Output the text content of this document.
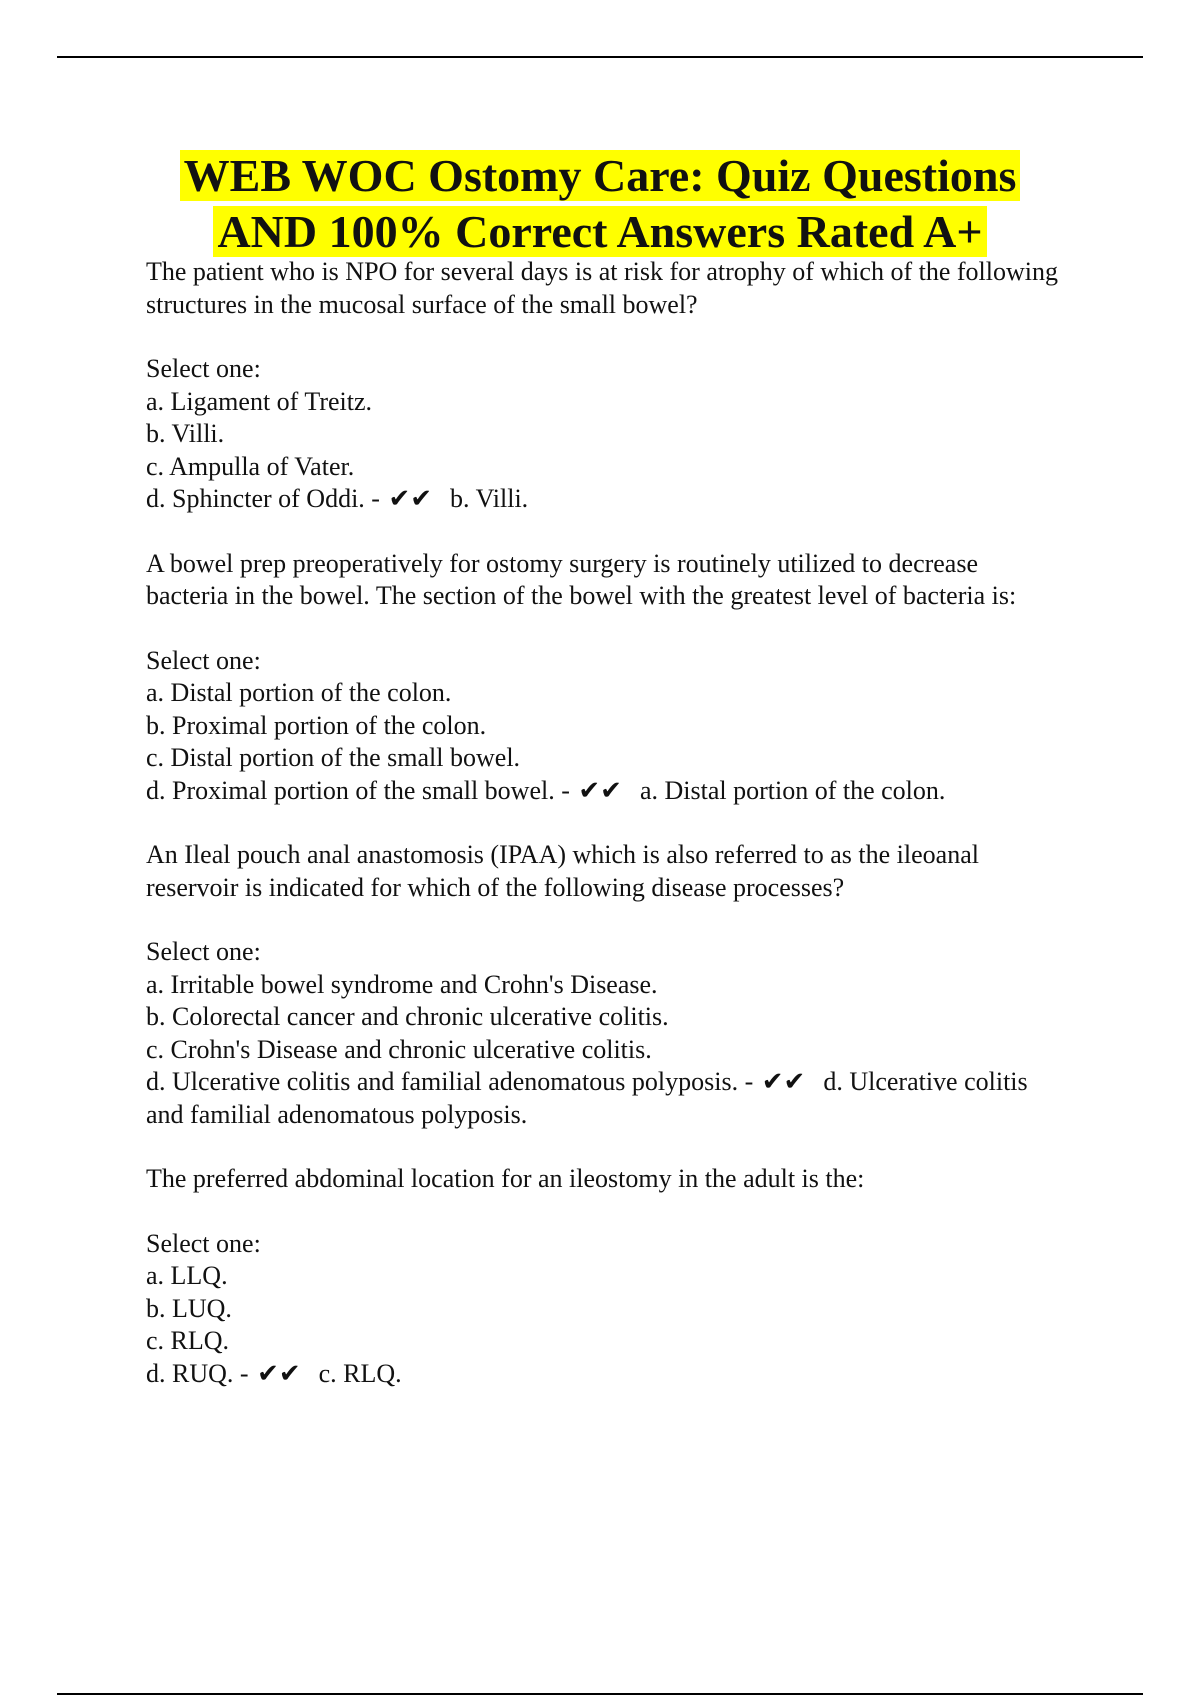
WEB WOC Ostomy Care: Quiz Questions
AND 100% Correct Answers Rated A+

The patient who is NPO for several days is at risk for atrophy of which of the following structures in the mucosal surface of the small bowel?

Select one:

a. Ligament of Treitz.

b. Villi.

c. Ampulla of Vater.

d. Sphincter of Oddi. - ✔✔ b. Villi.

A bowel prep preoperatively for ostomy surgery is routinely utilized to decrease bacteria in the bowel. The section of the bowel with the greatest level of bacteria is:

Select one:

a. Distal portion of the colon.

b. Proximal portion of the colon.

c. Distal portion of the small bowel.

d. Proximal portion of the small bowel. - ✔✔ a. Distal portion of the colon.

An Ileal pouch anal anastomosis (IPAA) which is also referred to as the ileoanal reservoir is indicated for which of the following disease processes?

Select one:

a. Irritable bowel syndrome and Crohn's Disease.

b. Colorectal cancer and chronic ulcerative colitis.

c. Crohn's Disease and chronic ulcerative colitis.

d. Ulcerative colitis and familial adenomatous polyposis. - ✔✔ d. Ulcerative colitis and familial adenomatous polyposis.

The preferred abdominal location for an ileostomy in the adult is the:

Select one:

a. LLQ.

b. LUQ.

c. RLQ.

d. RUQ. - ✔✔ c. RLQ.
